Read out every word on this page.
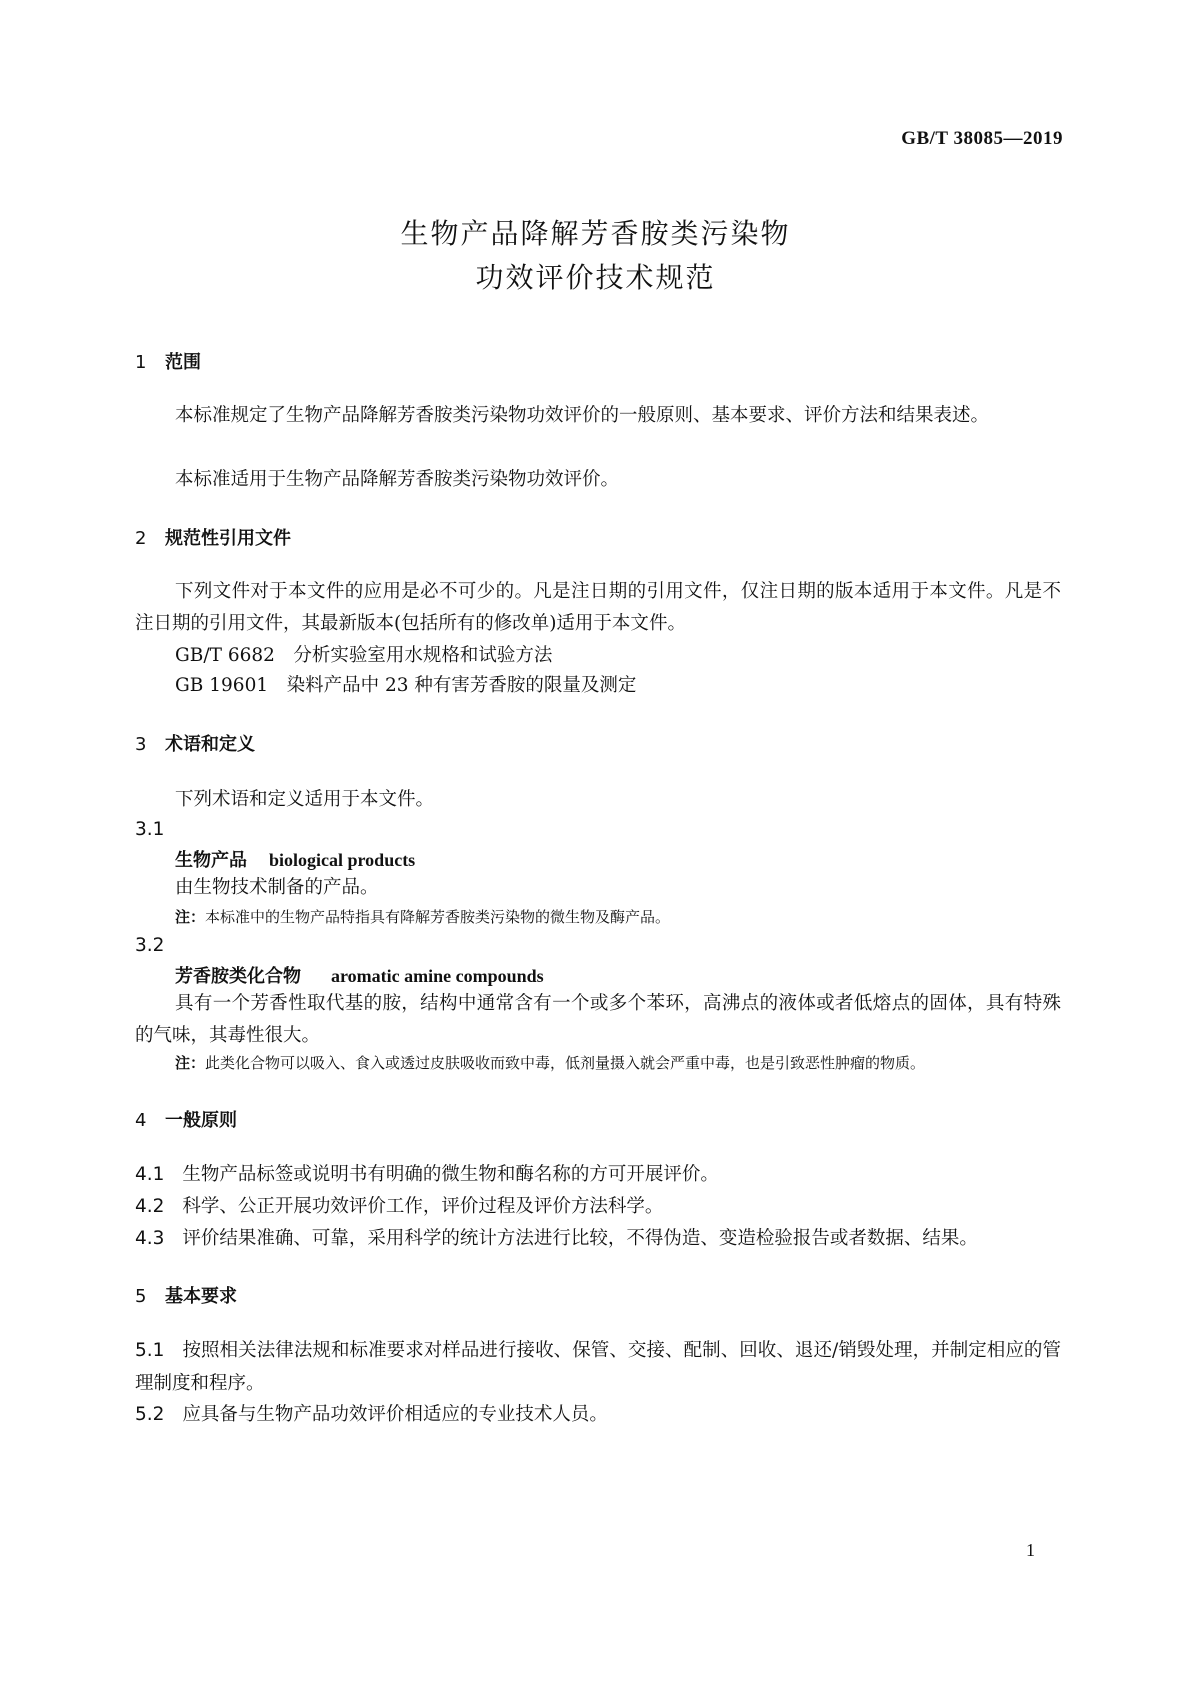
GB/T 38085—2019
生物产品降解芳香胺类污染物
功效评价技术规范
1 范围
本标准规定了生物产品降解芳香胺类污染物功效评价的一般原则、基本要求、评价方法和结果表述。
本标准适用于生物产品降解芳香胺类污染物功效评价。
2 规范性引用文件
下列文件对于本文件的应用是必不可少的。凡是注日期的引用文件，仅注日期的版本适用于本文件。凡是不注日期的引用文件，其最新版本(包括所有的修改单)适用于本文件。
GB/T 6682　分析实验室用水规格和试验方法
GB 19601　染料产品中 23 种有害芳香胺的限量及测定
3 术语和定义
下列术语和定义适用于本文件。
3.1
生物产品 biological products
由生物技术制备的产品。
注：本标准中的生物产品特指具有降解芳香胺类污染物的微生物及酶产品。
3.2
芳香胺类化合物 aromatic amine compounds
具有一个芳香性取代基的胺，结构中通常含有一个或多个苯环，高沸点的液体或者低熔点的固体，具有特殊的气味，其毒性很大。
注：此类化合物可以吸入、食入或透过皮肤吸收而致中毒，低剂量摄入就会严重中毒，也是引致恶性肿瘤的物质。
4 一般原则
4.1 生物产品标签或说明书有明确的微生物和酶名称的方可开展评价。
4.2 科学、公正开展功效评价工作，评价过程及评价方法科学。
4.3 评价结果准确、可靠，采用科学的统计方法进行比较，不得伪造、变造检验报告或者数据、结果。
5 基本要求
5.1 按照相关法律法规和标准要求对样品进行接收、保管、交接、配制、回收、退还/销毁处理，并制定相应的管理制度和程序。
5.2 应具备与生物产品功效评价相适应的专业技术人员。
1
